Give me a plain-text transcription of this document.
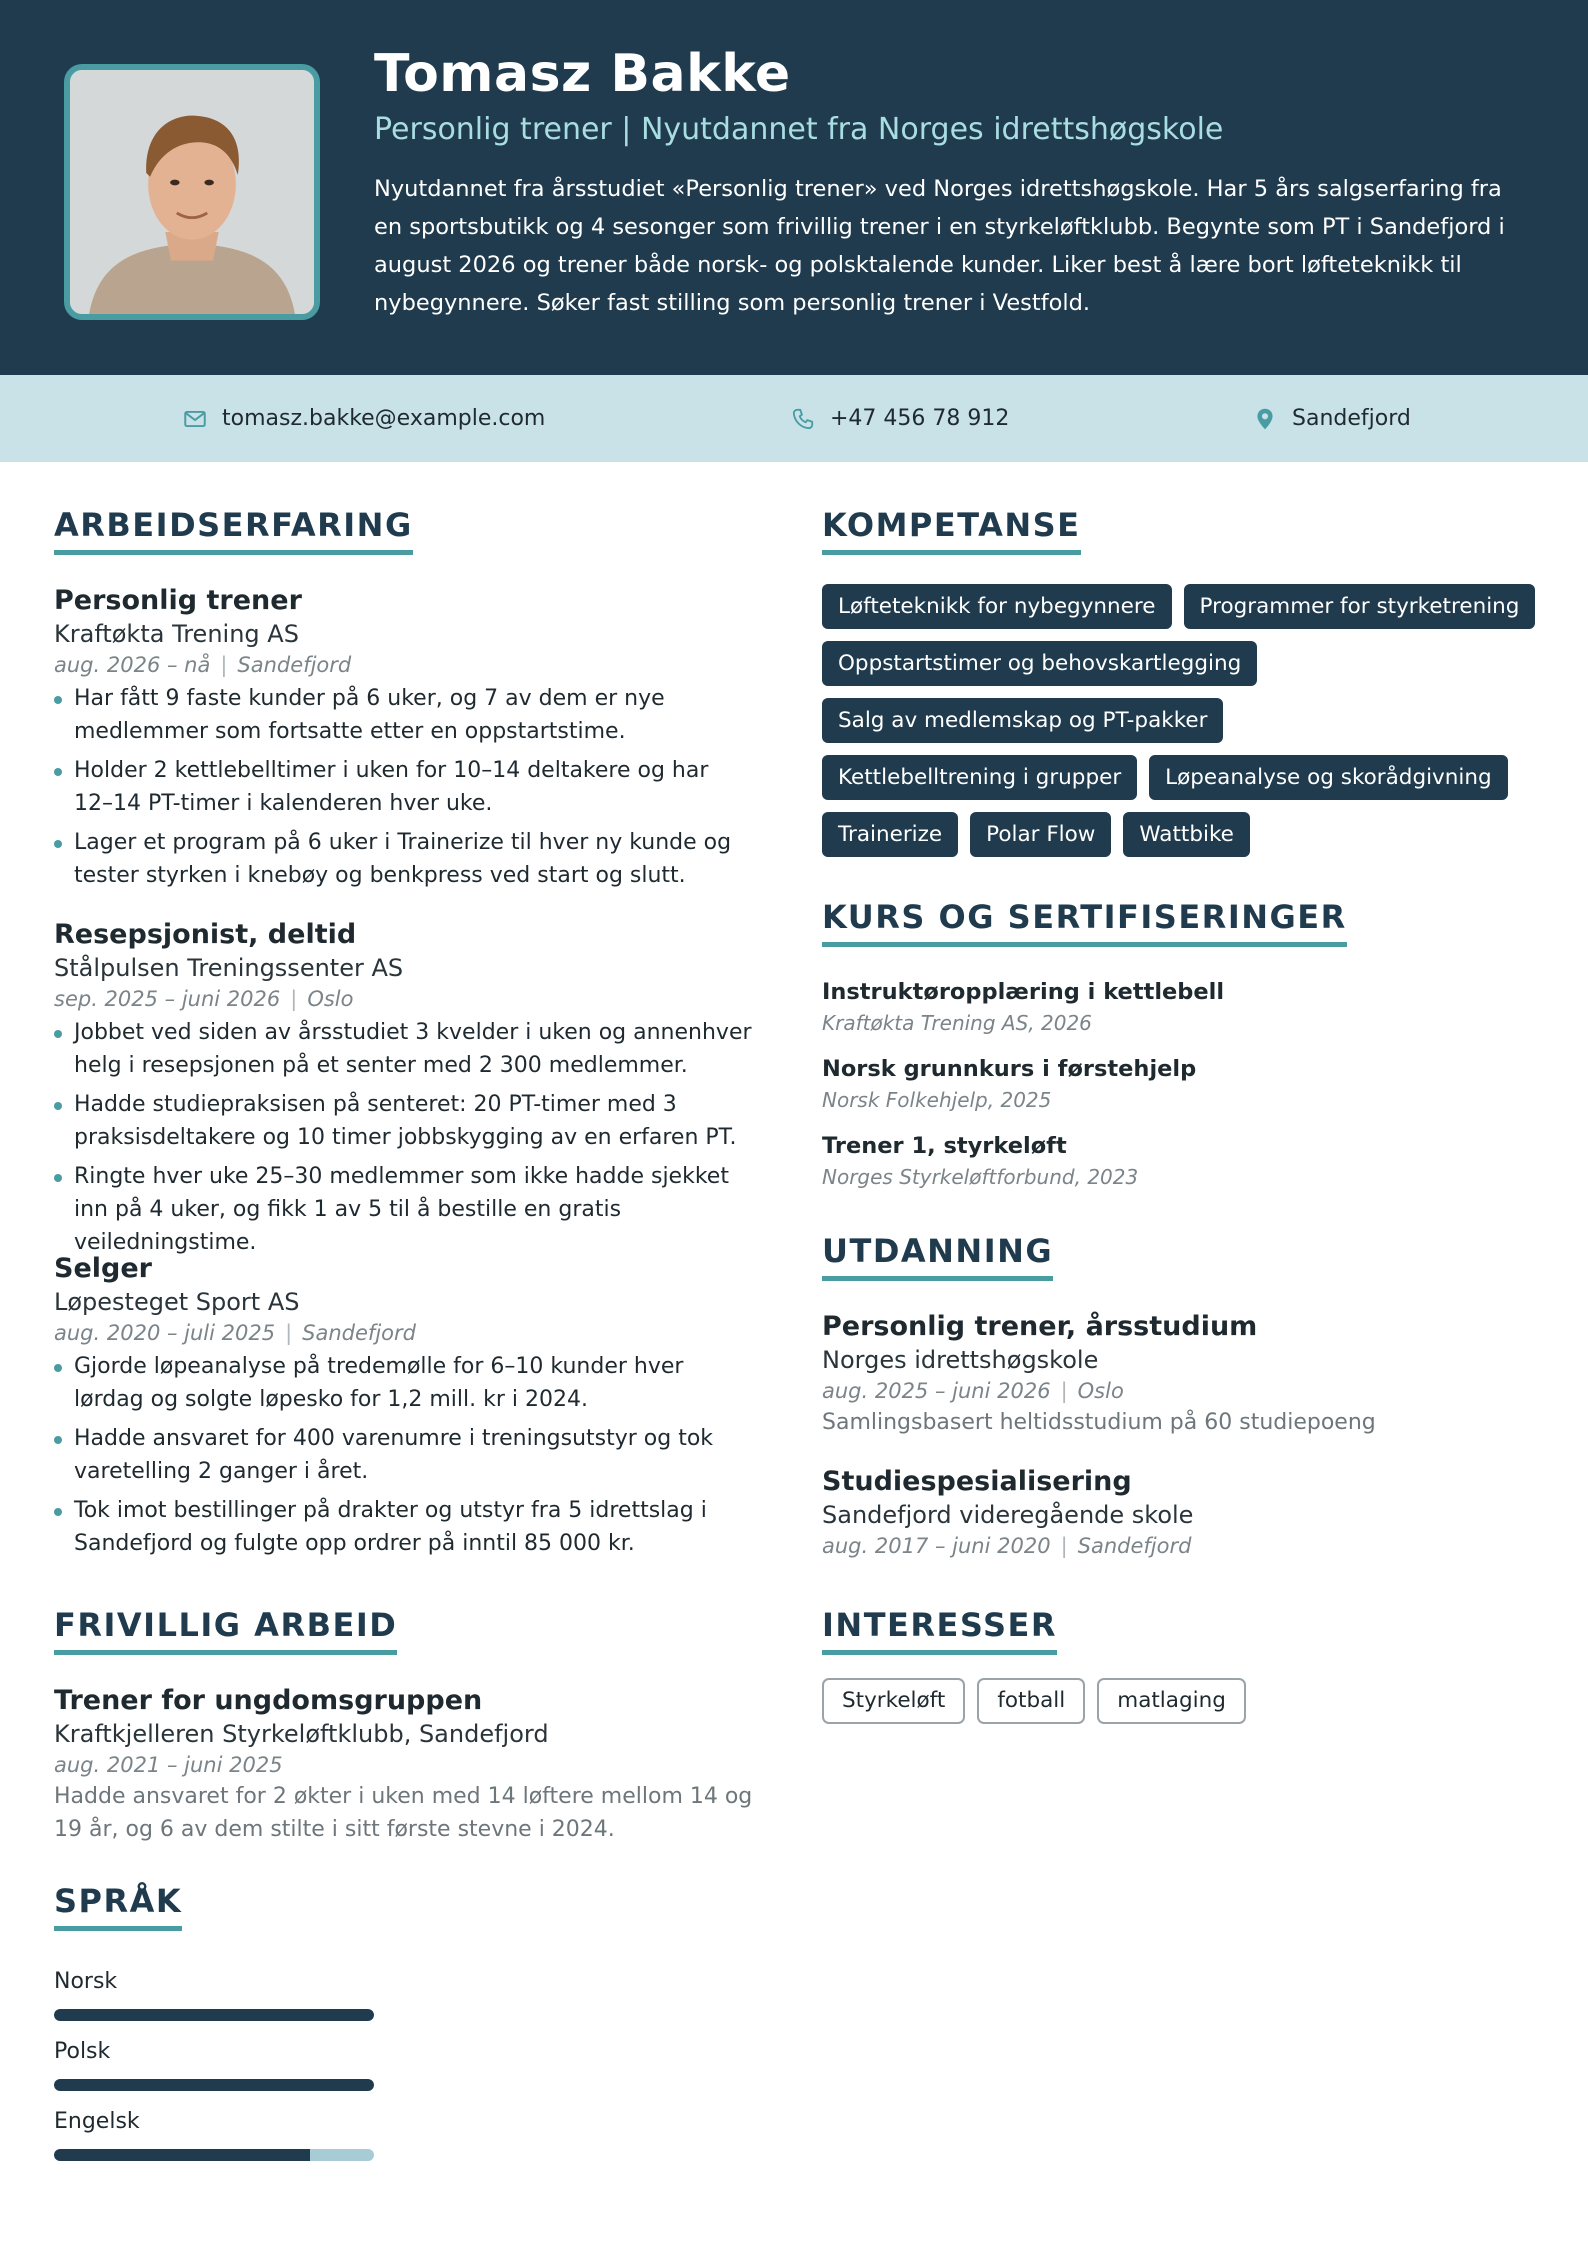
Tomasz Bakke
Personlig trener | Nyutdannet fra Norges idrettshøgskole
Nyutdannet fra årsstudiet «Personlig trener» ved Norges idrettshøgskole. Har 5 års salgserfaring fra en sportsbutikk og 4 sesonger som frivillig trener i en styrkeløftklubb. Begynte som PT i Sandefjord i august 2026 og trener både norsk- og polsktalende kunder. Liker best å lære bort løfteteknikk til nybegynnere. Søker fast stilling som personlig trener i Vestfold.
tomasz.bakke@example.com	+47 456 78 912	Sandefjord
ARBEIDSERFARING
Personlig trener
Kraftøkta Trening AS
aug. 2026 – nå | Sandefjord
Har fått 9 faste kunder på 6 uker, og 7 av dem er nye medlemmer som fortsatte etter en oppstartstime.
Holder 2 kettlebelltimer i uken for 10–14 deltakere og har 12–14 PT-timer i kalenderen hver uke.
Lager et program på 6 uker i Trainerize til hver ny kunde og tester styrken i knebøy og benkpress ved start og slutt.
Resepsjonist, deltid
Stålpulsen Treningssenter AS
sep. 2025 – juni 2026 | Oslo
Jobbet ved siden av årsstudiet 3 kvelder i uken og annenhver helg i resepsjonen på et senter med 2 300 medlemmer.
Hadde studiepraksisen på senteret: 20 PT-timer med 3 praksisdeltakere og 10 timer jobbskygging av en erfaren PT.
Ringte hver uke 25–30 medlemmer som ikke hadde sjekket inn på 4 uker, og fikk 1 av 5 til å bestille en gratis veiledningstime.
Selger
Løpesteget Sport AS
aug. 2020 – juli 2025 | Sandefjord
Gjorde løpeanalyse på tredemølle for 6–10 kunder hver lørdag og solgte løpesko for 1,2 mill. kr i 2024.
Hadde ansvaret for 400 varenumre i treningsutstyr og tok varetelling 2 ganger i året.
Tok imot bestillinger på drakter og utstyr fra 5 idrettslag i Sandefjord og fulgte opp ordrer på inntil 85 000 kr.
FRIVILLIG ARBEID
Trener for ungdomsgruppen
Kraftkjelleren Styrkeløftklubb, Sandefjord
aug. 2021 – juni 2025
Hadde ansvaret for 2 økter i uken med 14 løftere mellom 14 og 19 år, og 6 av dem stilte i sitt første stevne i 2024.
SPRÅK
Norsk
Polsk
Engelsk
KOMPETANSE
Løfteteknikk for nybegynnere	Programmer for styrketrening
Oppstartstimer og behovskartlegging
Salg av medlemskap og PT-pakker
Kettlebelltrening i grupper	Løpeanalyse og skorådgivning
Trainerize	Polar Flow	Wattbike
KURS OG SERTIFISERINGER
Instruktøropplæring i kettlebell
Kraftøkta Trening AS, 2026
Norsk grunnkurs i førstehjelp
Norsk Folkehjelp, 2025
Trener 1, styrkeløft
Norges Styrkeløftforbund, 2023
UTDANNING
Personlig trener, årsstudium
Norges idrettshøgskole
aug. 2025 – juni 2026 | Oslo
Samlingsbasert heltidsstudium på 60 studiepoeng
Studiespesialisering
Sandefjord videregående skole
aug. 2017 – juni 2020 | Sandefjord
INTERESSER
Styrkeløft	fotball	matlaging
